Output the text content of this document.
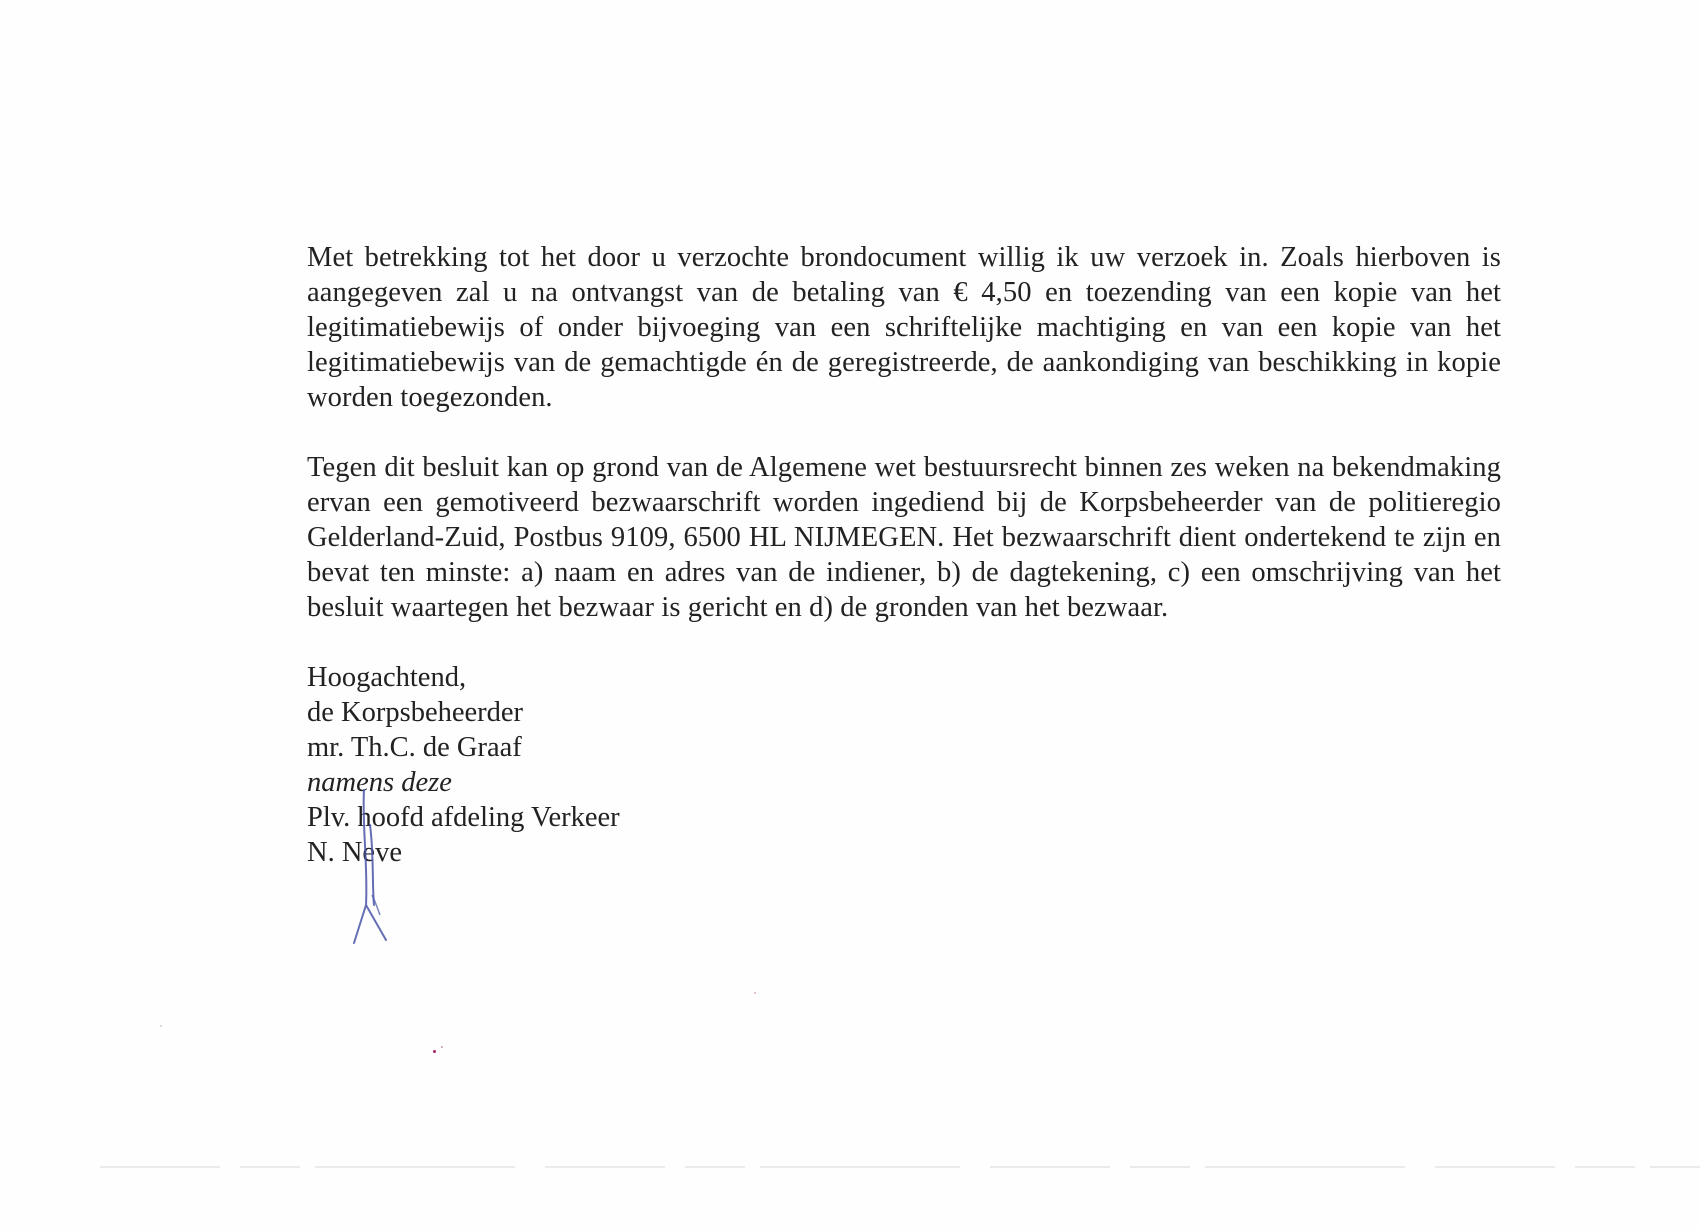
Met betrekking tot het door u verzochte brondocument willig ik uw verzoek in. Zoals hierboven is aangegeven zal u na ontvangst van de betaling van € 4,50 en toezending van een kopie van het legitimatiebewijs of onder bijvoeging van een schriftelijke machtiging en van een kopie van het legitimatiebewijs van de gemachtigde én de geregistreerde, de aankondiging van beschikking in kopie worden toegezonden.

Tegen dit besluit kan op grond van de Algemene wet bestuursrecht binnen zes weken na bekendmaking ervan een gemotiveerd bezwaarschrift worden ingediend bij de Korpsbeheerder van de politieregio Gelderland-Zuid, Postbus 9109, 6500 HL NIJMEGEN. Het bezwaarschrift dient ondertekend te zijn en bevat ten minste: a) naam en adres van de indiener, b) de dagtekening, c) een omschrijving van het besluit waartegen het bezwaar is gericht en d) de gronden van het bezwaar.

Hoogachtend,
de Korpsbeheerder
mr. Th.C. de Graaf
namens deze
Plv. hoofd afdeling Verkeer
N. Neve
